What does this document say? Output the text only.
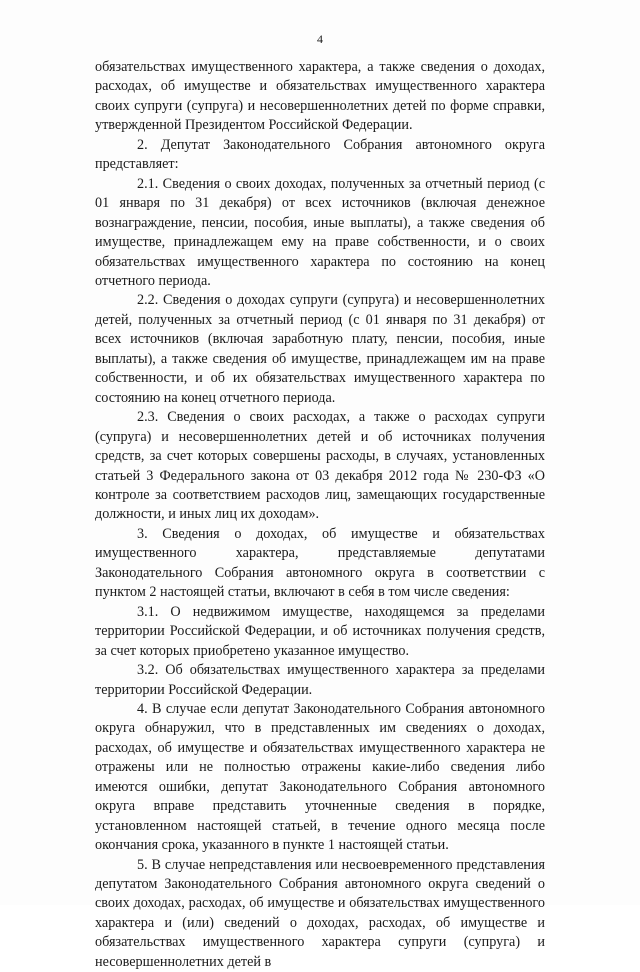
4

обязательствах имущественного характера, а также сведения о доходах, расходах, об имуществе и обязательствах имущественного характера своих супруги (супруга) и несовершеннолетних детей по форме справки, утвержденной Президентом Российской Федерации.

2. Депутат Законодательного Собрания автономного округа представляет:

2.1. Сведения о своих доходах, полученных за отчетный период (с 01 января по 31 декабря) от всех источников (включая денежное вознаграждение, пенсии, пособия, иные выплаты), а также сведения об имуществе, принадлежащем ему на праве собственности, и о своих обязательствах имущественного характера по состоянию на конец отчетного периода.

2.2. Сведения о доходах супруги (супруга) и несовершеннолетних детей, полученных за отчетный период (с 01 января по 31 декабря) от всех источников (включая заработную плату, пенсии, пособия, иные выплаты), а также сведения об имуществе, принадлежащем им на праве собственности, и об их обязательствах имущественного характера по состоянию на конец отчетного периода.

2.3. Сведения о своих расходах, а также о расходах супруги (супруга) и несовершеннолетних детей и об источниках получения средств, за счет которых совершены расходы, в случаях, установленных статьей 3 Федерального закона от 03 декабря 2012 года № 230-ФЗ «О контроле за соответствием расходов лиц, замещающих государственные должности, и иных лиц их доходам».

3. Сведения о доходах, об имуществе и обязательствах имущественного характера, представляемые депутатами Законодательного Собрания автономного округа в соответствии с пунктом 2 настоящей статьи, включают в себя в том числе сведения:

3.1. О недвижимом имуществе, находящемся за пределами территории Российской Федерации, и об источниках получения средств, за счет которых приобретено указанное имущество.

3.2. Об обязательствах имущественного характера за пределами территории Российской Федерации.

4. В случае если депутат Законодательного Собрания автономного округа обнаружил, что в представленных им сведениях о доходах, расходах, об имуществе и обязательствах имущественного характера не отражены или не полностью отражены какие-либо сведения либо имеются ошибки, депутат Законодательного Собрания автономного округа вправе представить уточненные сведения в порядке, установленном настоящей статьей, в течение одного месяца после окончания срока, указанного в пункте 1 настоящей статьи.

5. В случае непредставления или несвоевременного представления депутатом Законодательного Собрания автономного округа сведений о своих доходах, расходах, об имуществе и обязательствах имущественного характера и (или) сведений о доходах, расходах, об имуществе и обязательствах имущественного характера супруги (супруга) и несовершеннолетних детей в
